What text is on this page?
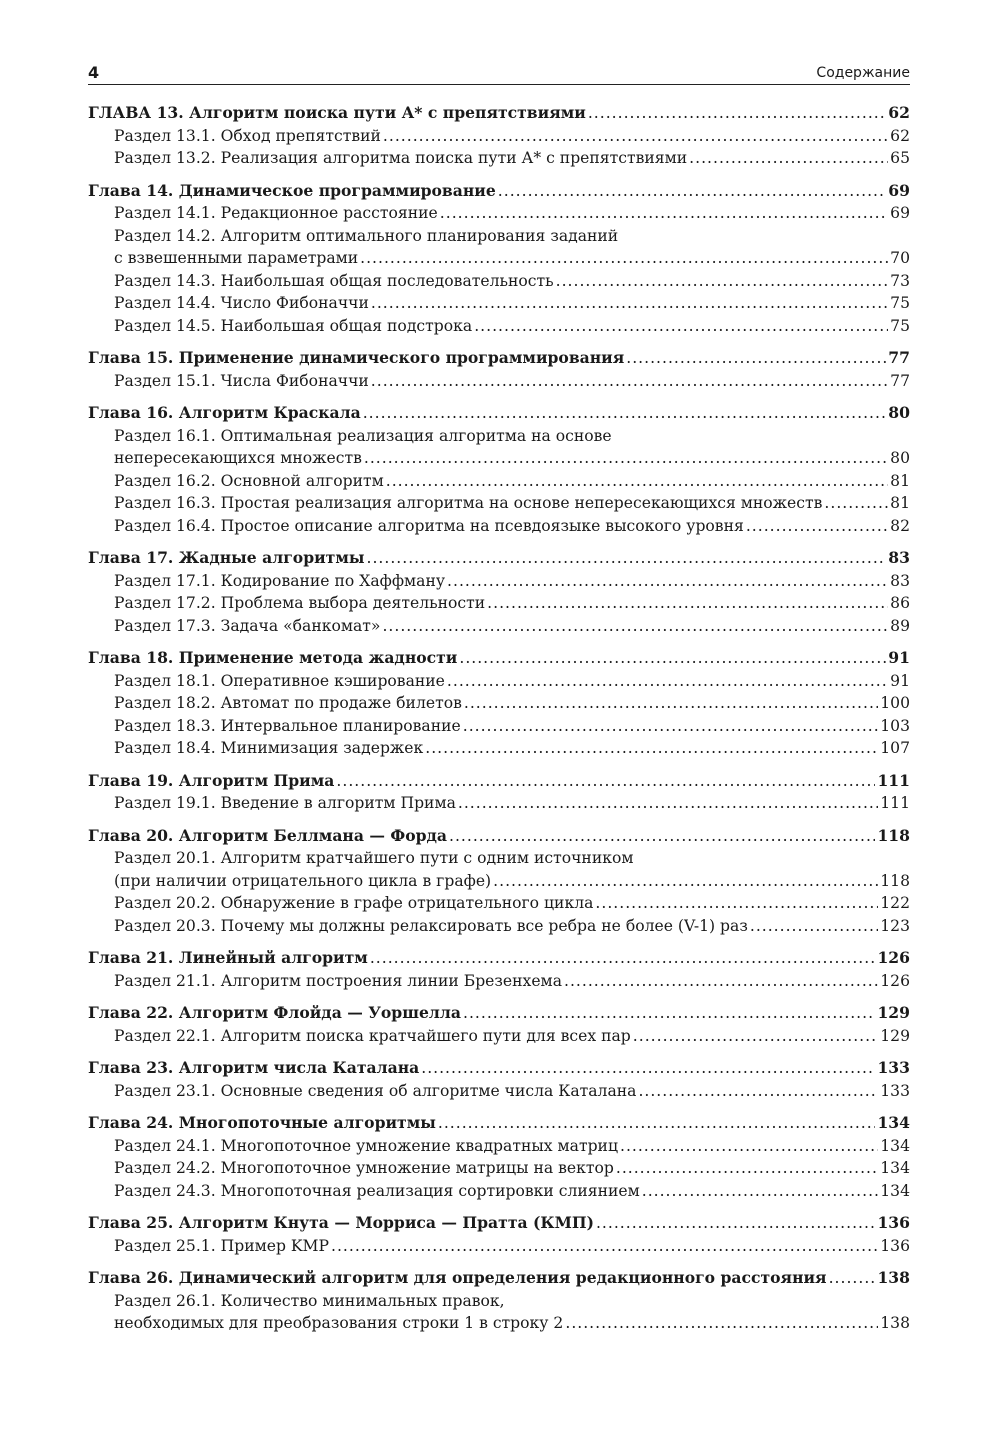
4	Содержание
ГЛАВА 13. Алгоритм поиска пути А* с препятствиями .....	62
Раздел 13.1. Обход препятствий .....	62
Раздел 13.2. Реализация алгоритма поиска пути А* с препятствиями .....	65
Глава 14. Динамическое программирование .....	69
Раздел 14.1. Редакционное расстояние .....	69
Раздел 14.2. Алгоритм оптимального планирования заданий
с взвешенными параметрами .....	70
Раздел 14.3. Наибольшая общая последовательность .....	73
Раздел 14.4. Число Фибоначчи .....	75
Раздел 14.5. Наибольшая общая подстрока .....	75
Глава 15. Применение динамического программирования .....	77
Раздел 15.1. Числа Фибоначчи .....	77
Глава 16. Алгоритм Краскала .....	80
Раздел 16.1. Оптимальная реализация алгоритма на основе
непересекающихся множеств .....	80
Раздел 16.2. Основной алгоритм .....	81
Раздел 16.3. Простая реализация алгоритма на основе непересекающихся множеств .....	81
Раздел 16.4. Простое описание алгоритма на псевдоязыке высокого уровня .....	82
Глава 17. Жадные алгоритмы .....	83
Раздел 17.1. Кодирование по Хаффману .....	83
Раздел 17.2. Проблема выбора деятельности .....	86
Раздел 17.3. Задача «банкомат» .....	89
Глава 18. Применение метода жадности .....	91
Раздел 18.1. Оперативное кэширование .....	91
Раздел 18.2. Автомат по продаже билетов .....	100
Раздел 18.3. Интервальное планирование .....	103
Раздел 18.4. Минимизация задержек .....	107
Глава 19. Алгоритм Прима .....	111
Раздел 19.1. Введение в алгоритм Прима .....	111
Глава 20. Алгоритм Беллмана — Форда .....	118
Раздел 20.1. Алгоритм кратчайшего пути с одним источником
(при наличии отрицательного цикла в графе) .....	118
Раздел 20.2. Обнаружение в графе отрицательного цикла .....	122
Раздел 20.3. Почему мы должны релаксировать все ребра не более (V-1) раз .....	123
Глава 21. Линейный алгоритм .....	126
Раздел 21.1. Алгоритм построения линии Брезенхема .....	126
Глава 22. Алгоритм Флойда — Уоршелла .....	129
Раздел 22.1. Алгоритм поиска кратчайшего пути для всех пар .....	129
Глава 23. Алгоритм числа Каталана .....	133
Раздел 23.1. Основные сведения об алгоритме числа Каталана .....	133
Глава 24. Многопоточные алгоритмы .....	134
Раздел 24.1. Многопоточное умножение квадратных матриц .....	134
Раздел 24.2. Многопоточное умножение матрицы на вектор .....	134
Раздел 24.3. Многопоточная реализация сортировки слиянием .....	134
Глава 25. Алгоритм Кнута — Морриса — Пратта (КМП) .....	136
Раздел 25.1. Пример KMP .....	136
Глава 26. Динамический алгоритм для определения редакционного расстояния .....	138
Раздел 26.1. Количество минимальных правок,
необходимых для преобразования строки 1 в строку 2 .....	138
